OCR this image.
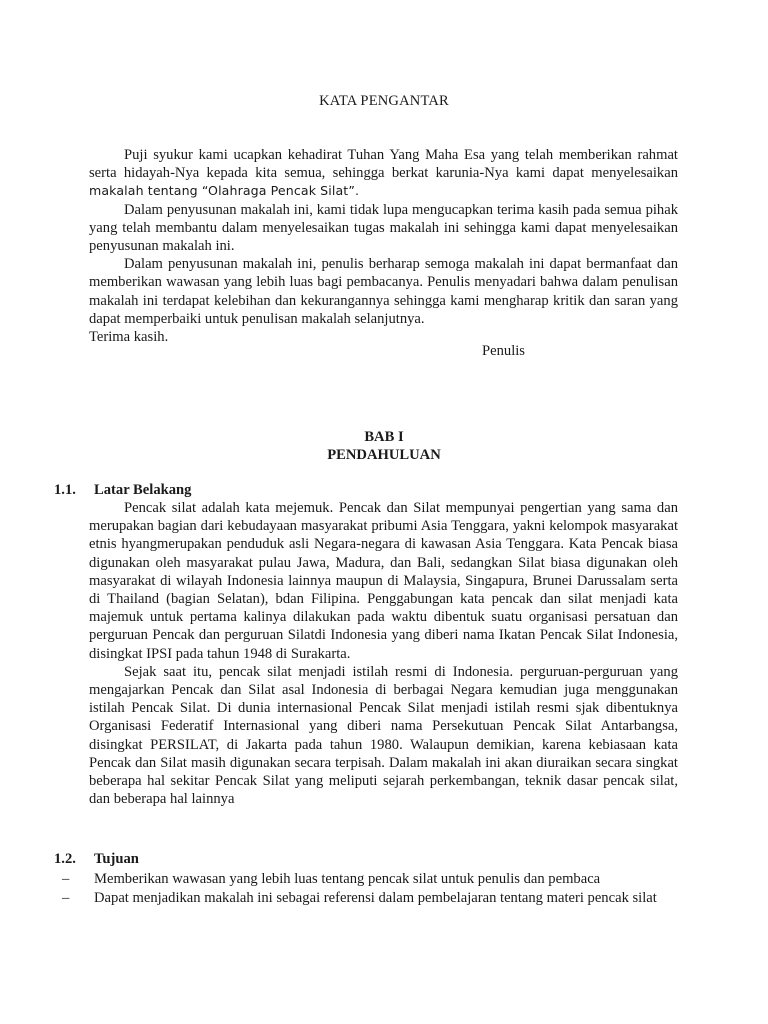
KATA PENGANTAR

Puji syukur kami ucapkan kehadirat Tuhan Yang Maha Esa yang telah memberikan rahmat serta hidayah-Nya kepada kita semua, sehingga berkat karunia-Nya kami dapat menyelesaikan makalah tentang “Olahraga Pencak Silat”.

Dalam penyusunan makalah ini, kami tidak lupa mengucapkan terima kasih pada semua pihak yang telah membantu dalam menyelesaikan tugas makalah ini sehingga kami dapat menyelesaikan penyusunan makalah ini.

Dalam penyusunan makalah ini, penulis berharap semoga makalah ini dapat bermanfaat dan memberikan wawasan yang lebih luas bagi pembacanya. Penulis menyadari bahwa dalam penulisan makalah ini terdapat kelebihan dan kekurangannya sehingga kami mengharap kritik dan saran yang dapat memperbaiki untuk penulisan makalah selanjutnya.

Terima kasih.

Penulis
BAB I
PENDAHULUAN
1.1. Latar Belakang

Pencak silat adalah kata mejemuk. Pencak dan Silat mempunyai pengertian yang sama dan merupakan bagian dari kebudayaan masyarakat pribumi Asia Tenggara, yakni kelompok masyarakat etnis hyangmerupakan penduduk asli Negara-negara di kawasan Asia Tenggara. Kata Pencak biasa digunakan oleh masyarakat pulau Jawa, Madura, dan Bali, sedangkan Silat biasa digunakan oleh masyarakat di wilayah Indonesia lainnya maupun di Malaysia, Singapura, Brunei Darussalam serta di Thailand (bagian Selatan), bdan Filipina. Penggabungan kata pencak dan silat menjadi kata majemuk untuk pertama kalinya dilakukan pada waktu dibentuk suatu organisasi persatuan dan perguruan Pencak dan perguruan Silatdi Indonesia yang diberi nama Ikatan Pencak Silat Indonesia, disingkat IPSI pada tahun 1948 di Surakarta.

Sejak saat itu, pencak silat menjadi istilah resmi di Indonesia. perguruan-perguruan yang mengajarkan Pencak dan Silat asal Indonesia di berbagai Negara kemudian juga menggunakan istilah Pencak Silat. Di dunia internasional Pencak Silat menjadi istilah resmi sjak dibentuknya Organisasi Federatif Internasional yang diberi nama Persekutuan Pencak Silat Antarbangsa, disingkat PERSILAT, di Jakarta pada tahun 1980. Walaupun demikian, karena kebiasaan kata Pencak dan Silat masih digunakan secara terpisah. Dalam makalah ini akan diuraikan secara singkat beberapa hal sekitar Pencak Silat yang meliputi sejarah perkembangan, teknik dasar pencak silat, dan beberapa hal lainnya

1.2. Tujuan
– Memberikan wawasan yang lebih luas tentang pencak silat untuk penulis dan pembaca
– Dapat menjadikan makalah ini sebagai referensi dalam pembelajaran tentang materi pencak silat
